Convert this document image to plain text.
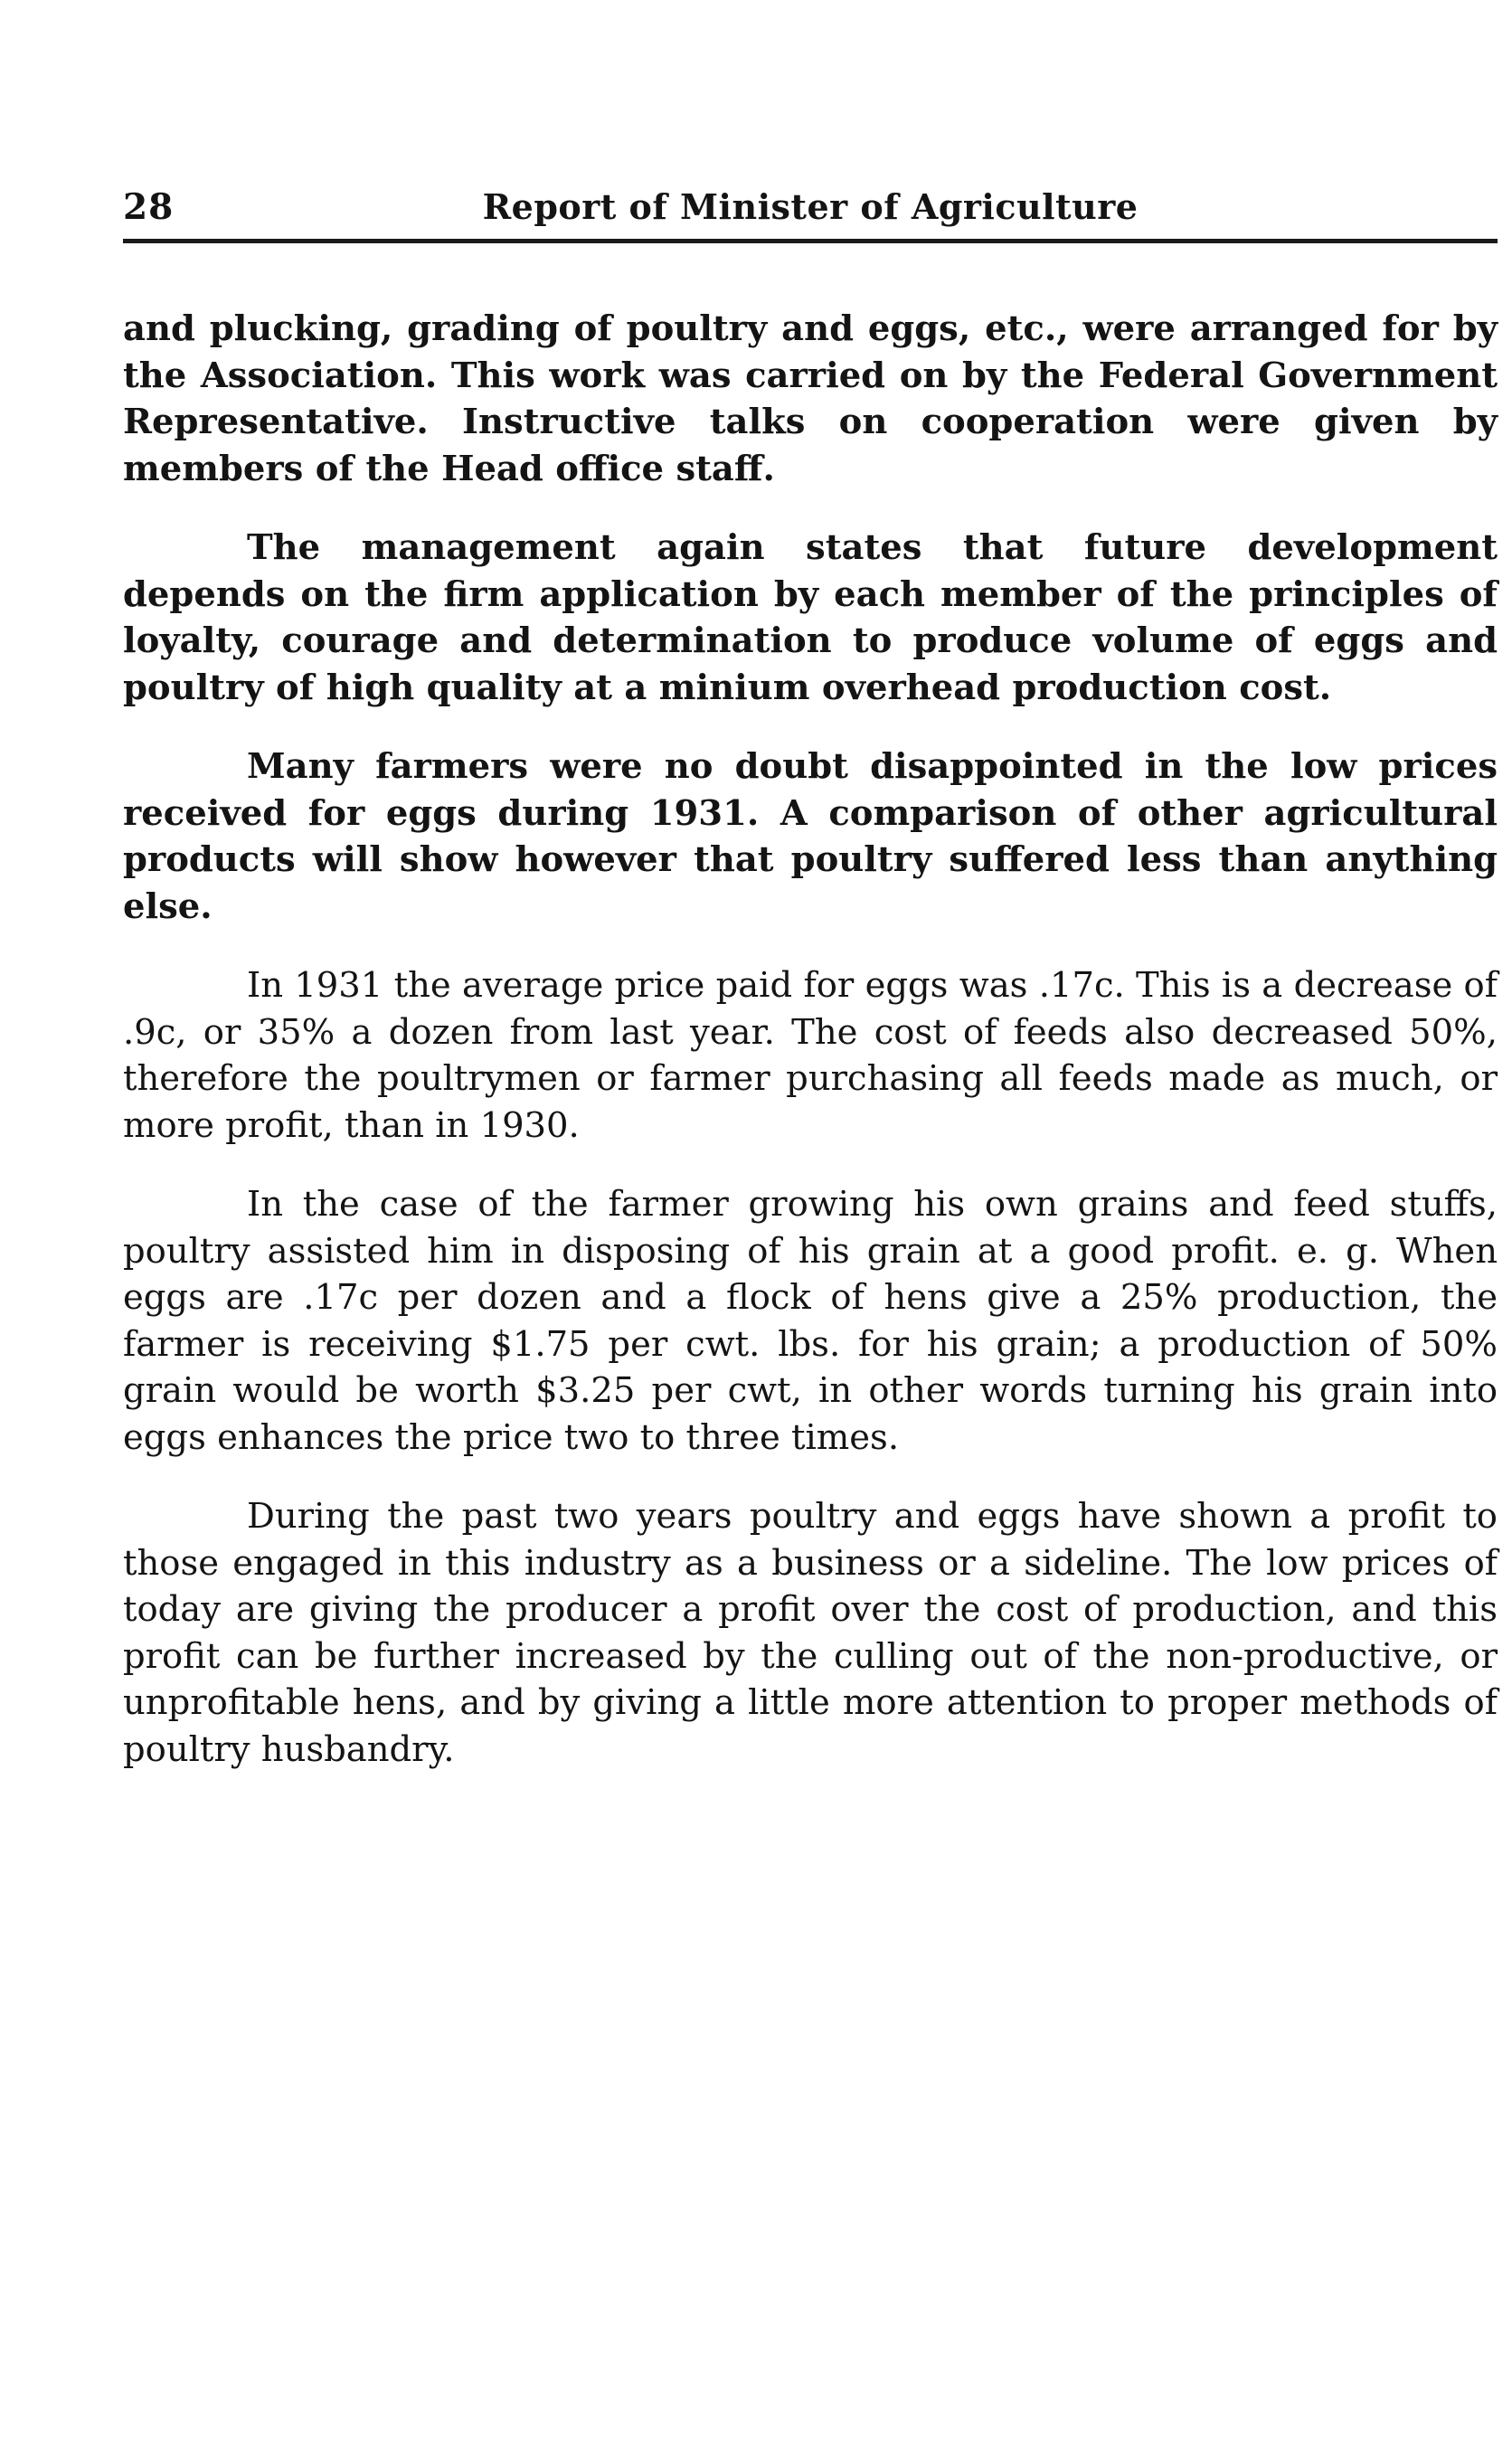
28	Report of Minister of Agriculture

and plucking, grading of poultry and eggs, etc., were arranged for by the Association. This work was carried on by the Federal Government Representative. Instructive talks on cooperation were given by members of the Head office staff.

The management again states that future development depends on the firm application by each member of the principles of loyalty, courage and determination to produce volume of eggs and poultry of high quality at a minium overhead production cost.

Many farmers were no doubt disappointed in the low prices received for eggs during 1931. A comparison of other agricultural products will show however that poultry suffered less than anything else.

In 1931 the average price paid for eggs was .17c. This is a decrease of .9c, or 35% a dozen from last year. The cost of feeds also decreased 50%, therefore the poultrymen or farmer purchasing all feeds made as much, or more profit, than in 1930.

In the case of the farmer growing his own grains and feed stuffs, poultry assisted him in disposing of his grain at a good profit. e. g. When eggs are .17c per dozen and a flock of hens give a 25% production, the farmer is receiving $1.75 per cwt. lbs. for his grain; a production of 50% grain would be worth $3.25 per cwt, in other words turning his grain into eggs enhances the price two to three times.

During the past two years poultry and eggs have shown a profit to those engaged in this industry as a business or a sideline. The low prices of today are giving the producer a profit over the cost of production, and this profit can be further increased by the culling out of the non-productive, or unprofitable hens, and by giving a little more attention to proper methods of poultry husbandry.
